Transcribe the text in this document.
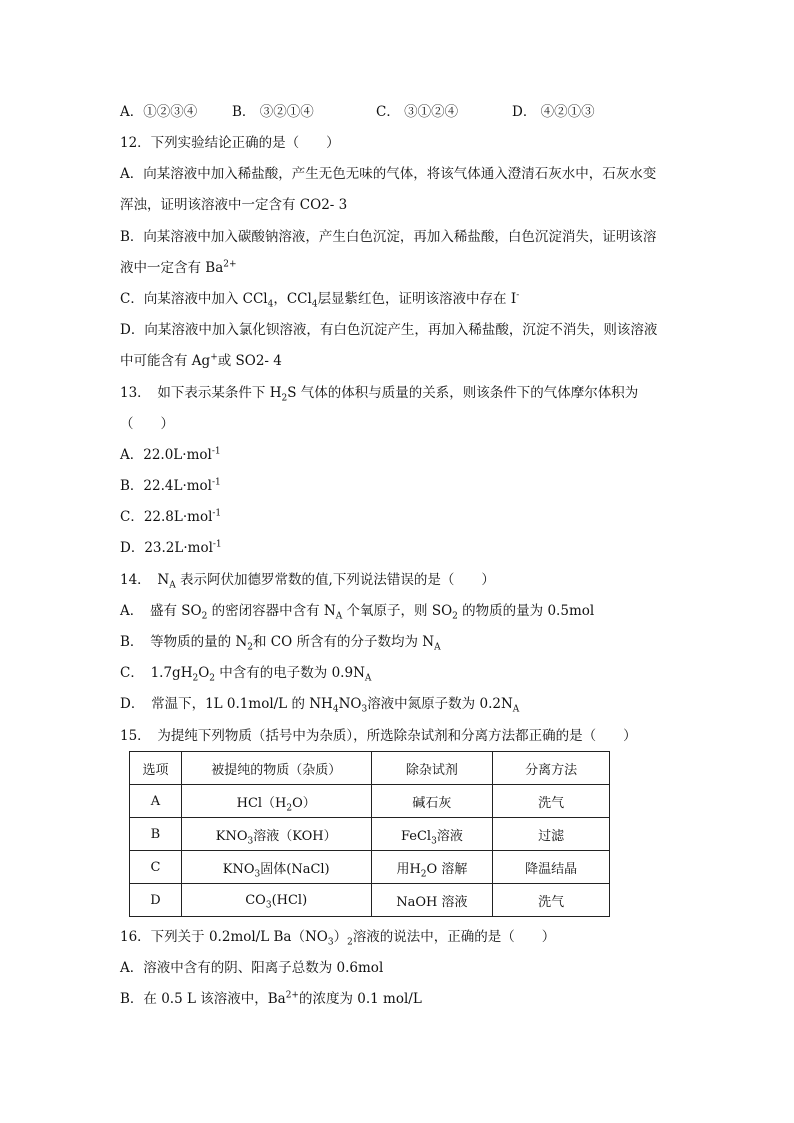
A．①②③④	B． ③②①④	C． ③①②④	D． ④②①③
12．下列实验结论正确的是（　　）
A．向某溶液中加入稀盐酸，产生无色无味的气体，将该气体通入澄清石灰水中，石灰水变
浑浊，证明该溶液中一定含有 CO2- 3
B．向某溶液中加入碳酸钠溶液，产生白色沉淀，再加入稀盐酸，白色沉淀消失，证明该溶
液中一定含有 $Ba^{2+}$
C．向某溶液中加入 CCl$_4$，CCl$_4$层显紫红色，证明该溶液中存在 I-
D．向某溶液中加入氯化钡溶液，有白色沉淀产生，再加入稀盐酸，沉淀不消失，则该溶液
中可能含有 Ag+或 SO2- 4
13．　如下表示某条件下 $H_2S$ 气体的体积与质量的关系，则该条件下的气体摩尔体积为
（　　）
A．22.0L·mol$^{-1}$
B．22.4L·mol$^{-1}$
C．22.8L·mol$^{-1}$
D．23.2L·mol$^{-1}$
14．　$N_A$ 表示阿伏加德罗常数的值,下列说法错误的是（　　）
A．　盛有 $SO_2$ 的密闭容器中含有 $N_A$ 个氧原子，则 $SO_2$ 的物质的量为 0.5mol
B．　等物质的量的 $N_2$和 CO 所含有的分子数均为 $N_A$
C．　$1.7gH_2O_2$ 中含有的电子数为 $0.9N_A$
D．　常温下，1L 0.1mol/L 的 $NH_4NO_3$溶液中氮原子数为 $0.2N_A$
15．　为提纯下列物质（括号中为杂质），所选除杂试剂和分离方法都正确的是（　　）
选项	被提纯的物质（杂质）	除杂试剂	分离方法
A	$HCl(H_2O)$	碱石灰	洗气
B	$KNO_3$溶液（KOH）	FeCl$_3$溶液	过滤
C	$KNO_3$固体(NaCl)	用$H_2O$ 溶解	降温结晶
D	$CO_3(HCl)$	NaOH 溶液	洗气
16．下列关于 0.2mol/L $Ba(NO_3)_2$溶液的说法中，正确的是（　　）
A．溶液中含有的阴、阳离子总数为 0.6mol
B．在 0.5 L 该溶液中，$Ba^{2+}$的浓度为 0.1 mol/L
